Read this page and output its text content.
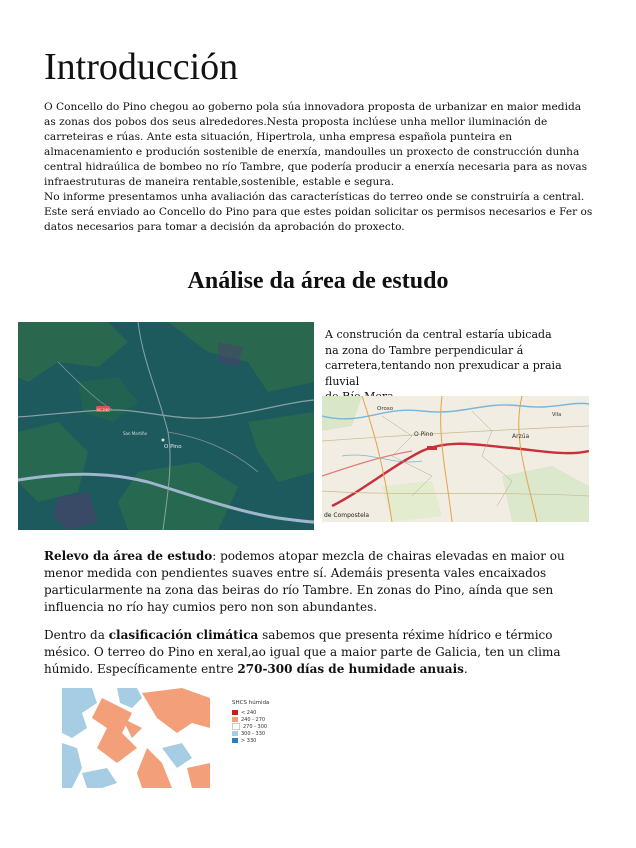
Introducción

O Concello do Pino chegou ao goberno pola súa innovadora proposta de urbanizar en maior medida as zonas dos pobos dos seus alrededores.Nesta proposta inclúese unha mellor iluminación de carreteiras e rúas. Ante esta situación, Hipertrola, unha empresa española punteira en almacenamiento e produción sostenible de enerxía, mandoulles un proxecto de construcción dunha central hidraúlica de bombeo no río Tambre, que podería producir a enerxía necesaria para as novas infraestruturas de maneira rentable,sostenible, estable e segura.

No informe presentamos unha avaliación das características do terreo onde se construiría a central. Este será enviado ao Concello do Pino para que estes poidan solicitar os permisos necesarios e Fer os datos necesarios para tomar a decisión da aprobación do proxecto.

Análise da área de estudo
AC-240
San Martiño
O Pino
A construción da central estaría ubicada
na zona do Tambre perpendicular á
carretera,tentando non prexudicar a praia fluvial
O Pino	Arzúa
Oroso
Vila
de Compostela
Relevo da área de estudo: podemos atopar mezcla de chairas elevadas en maior ou menor medida con pendientes suaves entre sí. Ademáis presenta vales encaixados particularmente na zona das beiras do río Tambre. En zonas do Pino, aínda que sen influencia no río hay cumios pero non son abundantes.
Dentro da clasificación climática sabemos que presenta réxime hídrico e térmico mésico. O terreo do Pino en xeral,ao igual que a maior parte de Galicia, ten un clima húmido. Específicamente entre 270-300 días de humidade anuais.
SHCS húmida
< 240
240 - 270
270 - 300
300 - 330
> 330
